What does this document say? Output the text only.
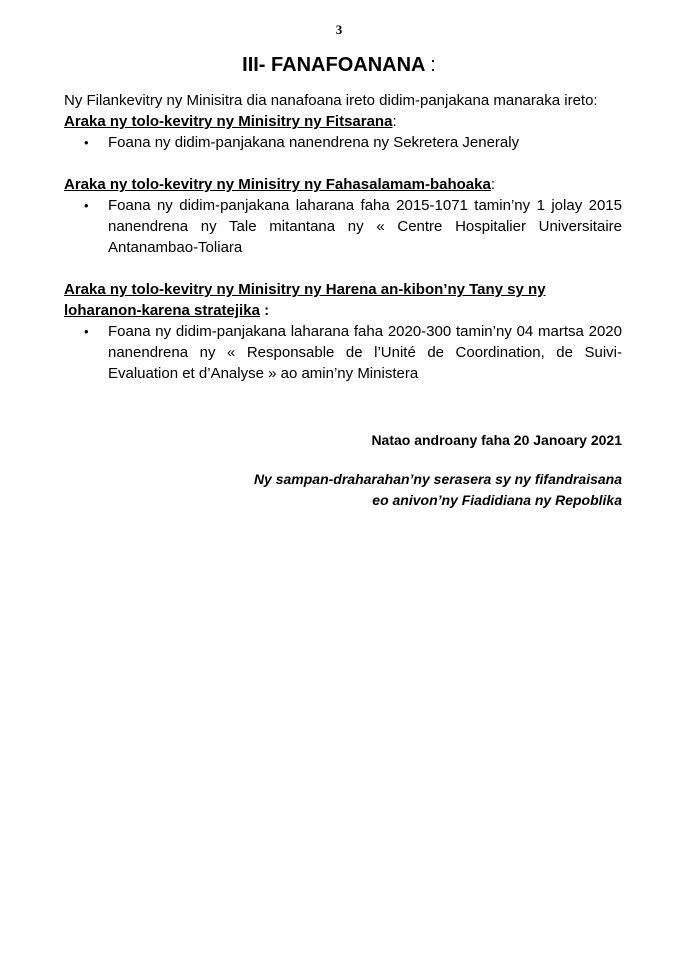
3
III- FANAFOANANA :

Ny Filankevitry ny Minisitra dia nanafoana ireto didim-panjakana manaraka ireto:

Araka ny tolo-kevitry ny Minisitry ny Fitsarana:

• Foana ny didim-panjakana nanendrena ny Sekretera Jeneraly

Araka ny tolo-kevitry ny Minisitry ny Fahasalamam-bahoaka:

• Foana ny didim-panjakana laharana faha 2015-1071 tamin’ny 1 jolay 2015 nanendrena ny Tale mitantana ny « Centre Hospitalier Universitaire Antanambao-Toliara

Araka ny tolo-kevitry ny Minisitry ny Harena an-kibon’ny Tany sy ny loharanon-karena stratejika :

• Foana ny didim-panjakana laharana faha 2020-300 tamin’ny 04 martsa 2020 nanendrena ny « Responsable de l’Unité de Coordination, de Suivi-Evaluation et d’Analyse » ao amin’ny Ministera
Natao androany faha 20 Janoary 2021
Ny sampan-draharahan’ny serasera sy ny fifandraisana
eo anivon’ny Fiadidiana ny Repoblika
